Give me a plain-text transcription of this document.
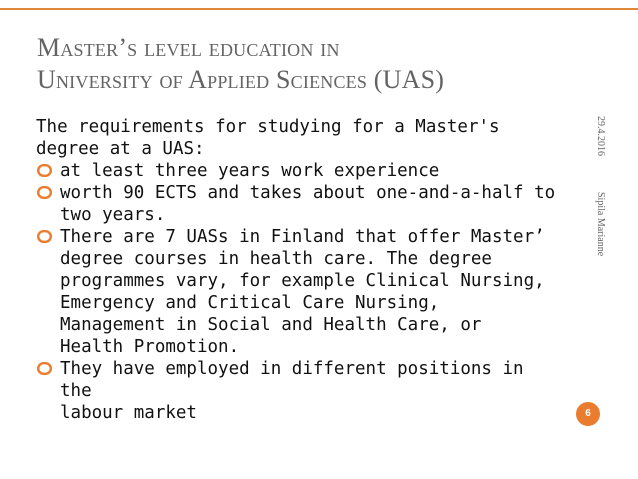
Master’s level education in
University of Applied Sciences (UAS)
The requirements for studying for a Master's
degree at a UAS:
at least three years work experience
worth 90 ECTS and takes about one-and-a-half to
two years.
There are 7 UASs in Finland that offer Master’
degree courses in health care. The degree
programmes vary, for example Clinical Nursing,
Emergency and Critical Care Nursing,
Management in Social and Health Care, or
Health Promotion.
They have employed in different positions in the
labour market
29.4.2016
Sipila Marianne
6
